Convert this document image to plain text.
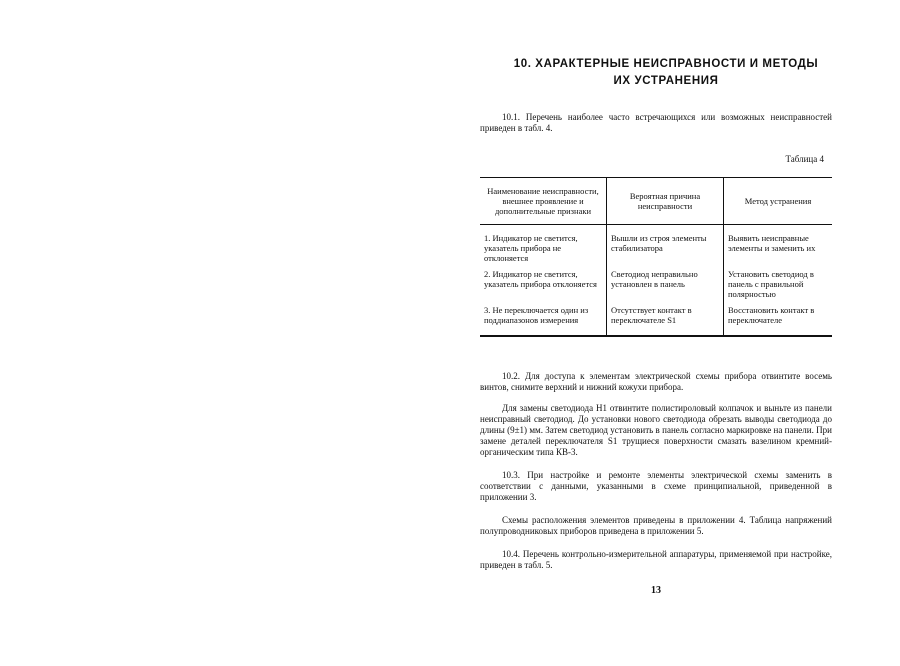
10. ХАРАКТЕРНЫЕ НЕИСПРАВНОСТИ И МЕТОДЫ
ИХ УСТРАНЕНИЯ

10.1. Перечень наиболее часто встречающихся или возможных неисправностей приведен в табл. 4.

Таблица 4
Наименование неисправности, внешнее проявление и дополнительные признаки	Вероятная причина неисправности	Метод устранения
1. Индикатор не светится, указатель прибора не отклоняется	Вышли из строя элементы стабилизатора	Выявить неисправные элементы и заменить их
2. Индикатор не светится, указатель прибора отклоняется	Светодиод неправильно установлен в панель	Установить светодиод в панель с правильной полярностью
3. Не переключается один из поддиапазонов измерения	Отсутствует контакт в переключателе S1	Восстановить контакт в переключателе

10.2. Для доступа к элементам электрической схемы прибора отвинтите восемь винтов, снимите верхний и нижний кожухи прибора.

Для замены светодиода Н1 отвинтите полистироловый колпачок и выньте из панели неисправный светодиод. До установки нового светодиода обрезать выводы светодиода до длины (9±1) мм. Затем светодиод установить в панель согласно маркировке на панели. При замене деталей переключателя S1 трущиеся поверхности смазать вазелином кремний-органическим типа КВ-3.

10.3. При настройке и ремонте элементы электрической схемы заменить в соответствии с данными, указанными в схеме принципиальной, приведенной в приложении 3.

Схемы расположения элементов приведены в приложении 4. Таблица напряжений полупроводниковых приборов приведена в приложении 5.

10.4. Перечень контрольно-измерительной аппаратуры, применяемой при настройке, приведен в табл. 5.

13
